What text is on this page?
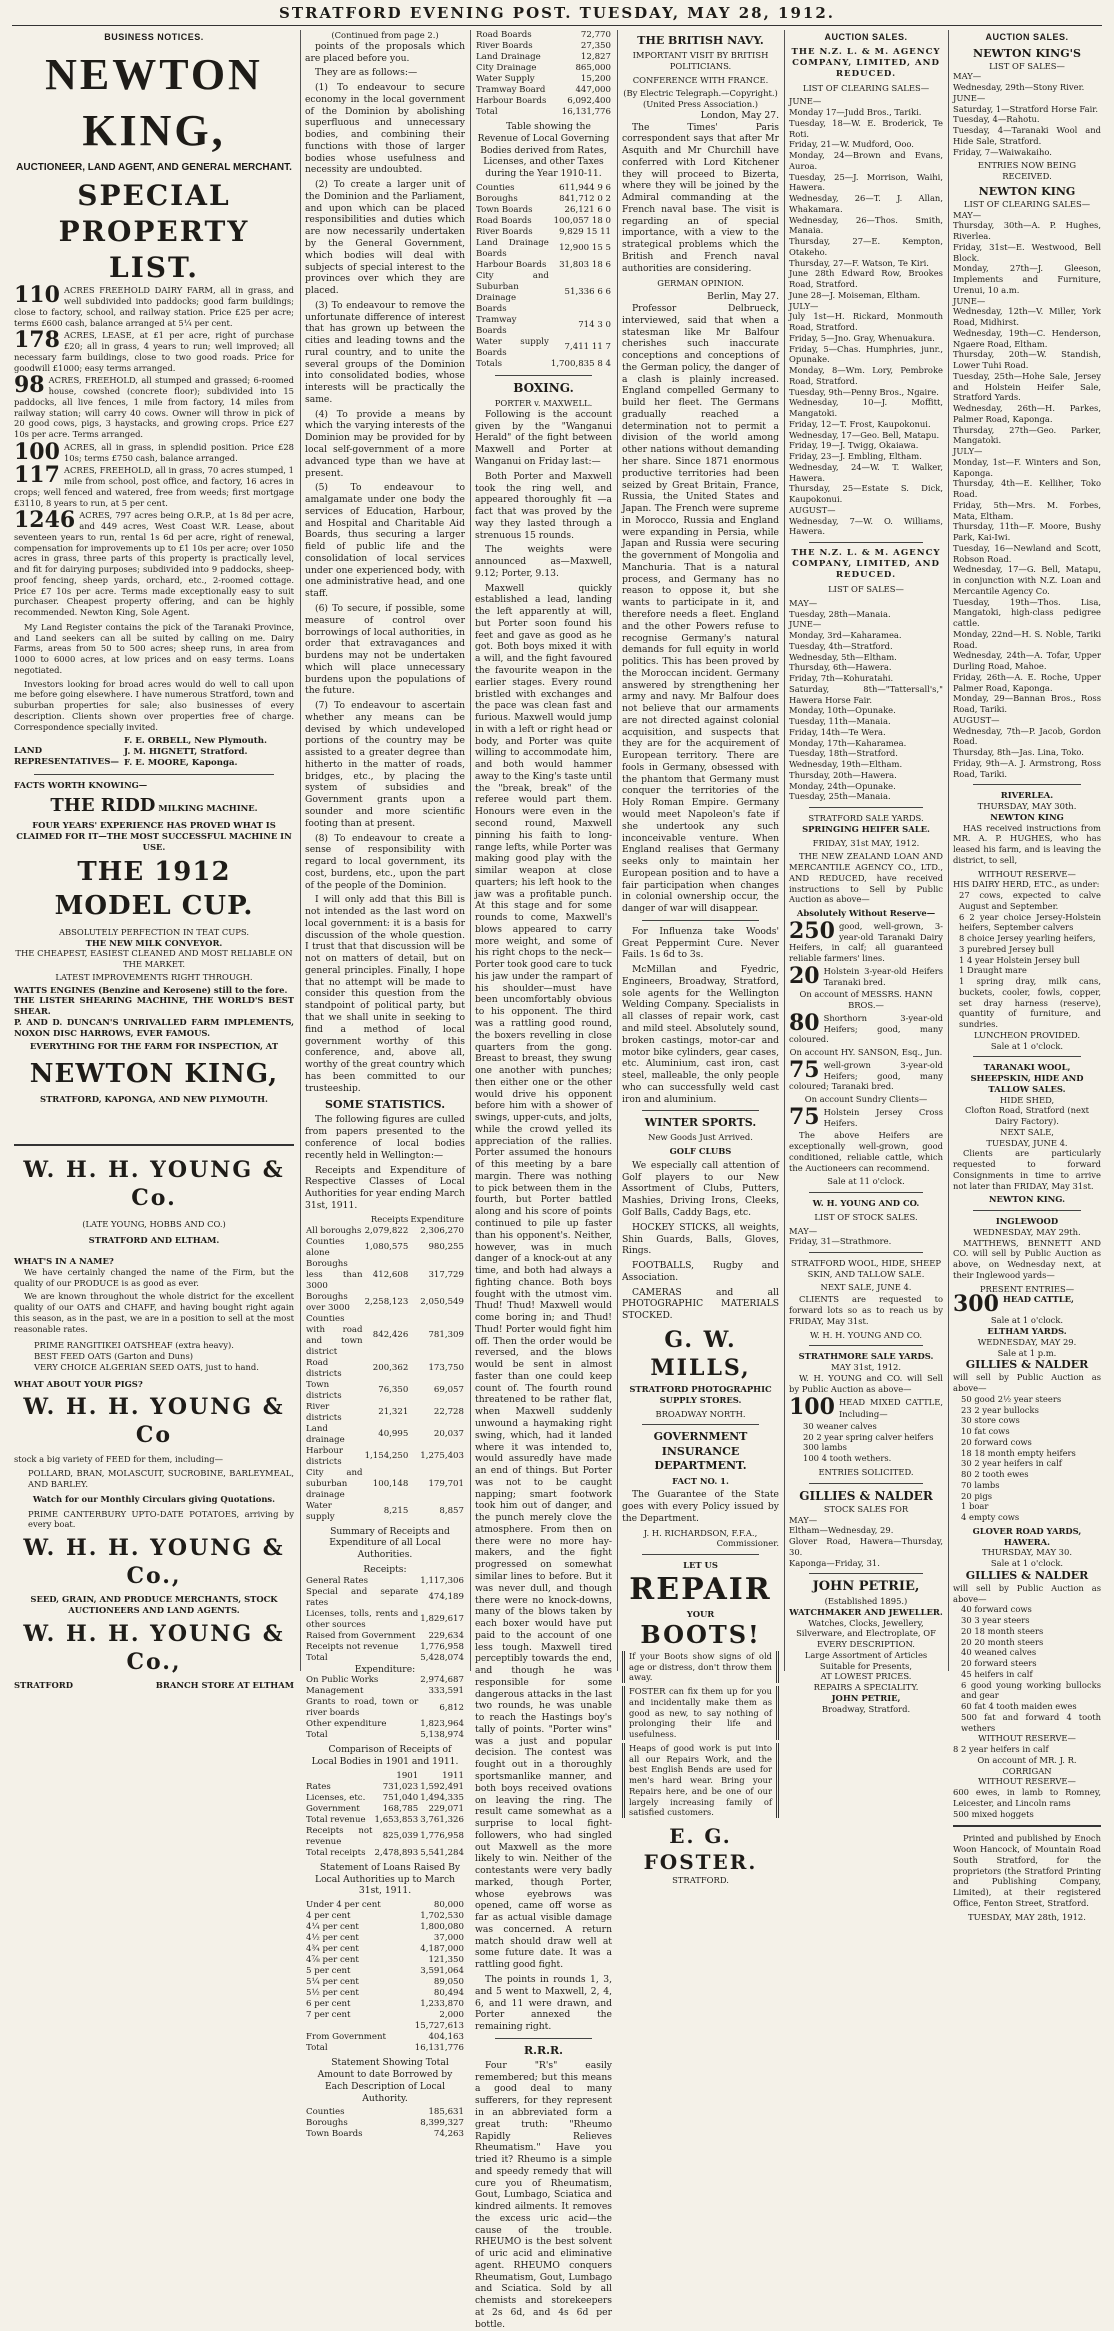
STRATFORD EVENING POST. TUESDAY, MAY 28, 1912.
BUSINESS NOTICES.
NEWTON KING,
AUCTIONEER, LAND AGENT, AND GENERAL MERCHANT.
SPECIAL PROPERTY LIST.
110 ACRES FREEHOLD DAIRY FARM, all in grass, and well subdivided into paddocks; good farm buildings; close to factory, school, and railway station. Price £25 per acre; terms £600 cash, balance arranged at 5¼ per cent.
178 ACRES, LEASE, at £1 per acre, right of purchase £20; all in grass, 4 years to run; well improved; all necessary farm buildings, close to two good roads. Price for goodwill £1000; easy terms arranged.
98 ACRES, FREEHOLD, all stumped and grassed; 6-roomed house, cowshed (concrete floor); subdivided into 15 paddocks, all live fences, 1 mile from factory, 14 miles from railway station; will carry 40 cows. Owner will throw in pick of 20 good cows, pigs, 3 haystacks, and growing crops. Price £27 10s per acre. Terms arranged.
100 ACRES, all in grass, in splendid position. Price £28 10s; terms £750 cash, balance arranged.
117 ACRES, FREEHOLD, all in grass, 70 acres stumped, 1 mile from school, post office, and factory, 16 acres in crops; well fenced and watered, free from weeds; first mortgage £3110, 8 years to run, at 5 per cent.
1246 ACRES, 797 acres being O.R.P., at 1s 8d per acre, and 449 acres, West Coast W.R. Lease, about seventeen years to run, rental 1s 6d per acre, right of renewal, compensation for improvements up to £1 10s per acre; over 1050 acres in grass, three parts of this property is practically level, and fit for dairying purposes; subdivided into 9 paddocks, sheep-proof fencing, sheep yards, orchard, etc., 2-roomed cottage. Price £7 10s per acre. Terms made exceptionally easy to suit purchaser. Cheapest property offering, and can be highly recommended. Newton King, Sole Agent.
My Land Register contains the pick of the Taranaki Province, and Land seekers can all be suited by calling on me. Dairy Farms, areas from 50 to 500 acres; sheep runs, in area from 1000 to 6000 acres, at low prices and on easy terms. Loans negotiated.
Investors looking for broad acres would do well to call upon me before going elsewhere. I have numerous Stratford, town and suburban properties for sale; also businesses of every description. Clients shown over properties free of charge. Correspondence specially invited.
LAND REPRESENTATIVES—
F. E. ORBELL, New Plymouth.
J. M. HIGNETT, Stratford.
F. E. MOORE, Kaponga.
FACTS WORTH KNOWING—
THE RIDD MILKING MACHINE.
FOUR YEARS' EXPERIENCE HAS PROVED WHAT IS CLAIMED FOR IT—THE MOST SUCCESSFUL MACHINE IN USE.
THE 1912 MODEL CUP.
ABSOLUTELY PERFECTION IN TEAT CUPS.
THE NEW MILK CONVEYOR.
THE CHEAPEST, EASIEST CLEANED AND MOST RELIABLE ON THE MARKET.
LATEST IMPROVEMENTS RIGHT THROUGH.
WATTS ENGINES (Benzine and Kerosene) still to the fore.
THE LISTER SHEARING MACHINE, THE WORLD'S BEST SHEAR.
P. AND D. DUNCAN'S UNRIVALLED FARM IMPLEMENTS, NOXON DISC HARROWS, EVER FAMOUS.
EVERYTHING FOR THE FARM FOR INSPECTION, AT
NEWTON KING,
STRATFORD, KAPONGA, AND NEW PLYMOUTH.
W. H. H. YOUNG & Co.
(LATE YOUNG, HOBBS AND CO.)
STRATFORD AND ELTHAM.
WHAT'S IN A NAME?
We have certainly changed the name of the Firm, but the quality of our PRODUCE is as good as ever.
We are known throughout the whole district for the excellent quality of our OATS and CHAFF, and having bought right again this season, as in the past, we are in a position to sell at the most reasonable rates.
PRIME RANGITIKEI OATSHEAF (extra heavy).
BEST FEED OATS (Garton and Duns)
VERY CHOICE ALGERIAN SEED OATS, just to hand.
WHAT ABOUT YOUR PIGS?
W. H. H. YOUNG & Co
stock a big variety of FEED for them, including—
POLLARD, BRAN, MOLASCUIT, SUCROBINE, BARLEYMEAL, AND BARLEY.
Watch for our Monthly Circulars giving Quotations.
PRIME CANTERBURY UPTO-DATE POTATOES, arriving by every boat.
W. H. H. YOUNG & Co.,
SEED, GRAIN, AND PRODUCE MERCHANTS, STOCK AUCTIONEERS AND LAND AGENTS.
W. H. H. YOUNG & Co.,
STRATFORD	BRANCH STORE AT ELTHAM
(Continued from page 2.)
points of the proposals which are placed before you.
They are as follows:—
(1) To endeavour to secure economy in the local government of the Dominion by abolishing superfluous and unnecessary bodies, and combining their functions with those of larger bodies whose usefulness and necessity are undoubted.
(2) To create a larger unit of the Dominion and the Parliament, and upon which can be placed responsibilities and duties which are now necessarily undertaken by the General Government, which bodies will deal with subjects of special interest to the provinces over which they are placed.
(3) To endeavour to remove the unfortunate difference of interest that has grown up between the cities and leading towns and the rural country, and to unite the several groups of the Dominion into consolidated bodies, whose interests will be practically the same.
(4) To provide a means by which the varying interests of the Dominion may be provided for by local self-government of a more advanced type than we have at present.
(5) To endeavour to amalgamate under one body the services of Education, Harbour, and Hospital and Charitable Aid Boards, thus securing a larger field of public life and the consolidation of local services under one experienced body, with one administrative head, and one staff.
(6) To secure, if possible, some measure of control over borrowings of local authorities, in order that extravagances and burdens may not be undertaken which will place unnecessary burdens upon the populations of the future.
(7) To endeavour to ascertain whether any means can be devised by which undeveloped portions of the country may be assisted to a greater degree than hitherto in the matter of roads, bridges, etc., by placing the system of subsidies and Government grants upon a sounder and more scientific footing than at present.
(8) To endeavour to create a sense of responsibility with regard to local government, its cost, burdens, etc., upon the part of the people of the Dominion.
I will only add that this Bill is not intended as the last word on local government: it is a basis for discussion of the whole question. I trust that that discussion will be not on matters of detail, but on general principles. Finally, I hope that no attempt will be made to consider this question from the standpoint of political party, but that we shall unite in seeking to find a method of local government worthy of this conference, and, above all, worthy of the great country which has been committed to our trusteeship.
SOME STATISTICS.
The following figures are culled from papers presented to the conference of local bodies recently held in Wellington:—
Receipts and Expenditure of Respective Classes of Local Authorities for year ending March 31st, 1911.
	Receipts	Expenditure
All boroughs	2,079,822	2,306,270
Counties alone	1,080,575	980,255
Boroughs less than 3000	412,608	317,729
Boroughs over 3000	2,258,123	2,050,549
Counties with road and town district	842,426	781,309
Road districts	200,362	173,750
Town districts	76,350	69,057
River districts	21,321	22,728
Land drainage	40,995	20,037
Harbour districts	1,154,250	1,275,403
City and suburban drainage	100,148	179,701
Water supply	8,215	8,857
Summary of Receipts and Expenditure of all Local Authorities.
Receipts:
General Rates	1,117,306
Special and separate rates	474,189
Licenses, tolls, rents and other sources	1,829,617
Raised from Government	229,634
Receipts not revenue	1,776,958
Total	5,428,074
Expenditure:
On Public Works	2,974,687
Management	333,591
Grants to road, town or river boards	6,812
Other expenditure	1,823,964
Total	5,138,974
Comparison of Receipts of Local Bodies in 1901 and 1911.
	1901	1911
Rates	731,023	1,592,491
Licenses, etc.	751,040	1,494,335
Government	168,785	229,071
Total revenue	1,653,853	3,761,326
Receipts not revenue	825,039	1,776,958
Total receipts	2,478,893	5,541,284
Statement of Loans Raised By Local Authorities up to March 31st, 1911.
Under 4 per cent	80,000
4 per cent	1,702,530
4¼ per cent	1,800,080
4½ per cent	37,000
4¾ per cent	4,187,000
4⅞ per cent	121,350
5 per cent	3,591,064
5¼ per cent	89,050
5½ per cent	80,494
6 per cent	1,233,870
7 per cent	2,000
	15,727,613
From Government	404,163
Total	16,131,776
Statement Showing Total Amount to date Borrowed by Each Description of Local Authority.
Counties	185,631
Boroughs	8,399,327
Town Boards	74,263
Road Boards	72,770
River Boards	27,350
Land Drainage	12,827
City Drainage	865,000
Water Supply	15,200
Tramway Board	447,000
Harbour Boards	6,092,400
Total	16,131,776
Table showing the Revenue of Local Governing Bodies derived from Rates, Licenses, and other Taxes during the Year 1910-11.
Counties	611,944 9 6
Boroughs	841,712 0 2
Town Boards	26,121 6 0
Road Boards	100,057 18 0
River Boards	9,829 15 11
Land Drainage Boards	12,900 15 5
Harbour Boards	31,803 18 6
City and Suburban Drainage Boards	51,336 6 6
Tramway Boards	714 3 0
Water supply Boards	7,411 11 7
Totals	1,700,835 8 4
BOXING.
PORTER v. MAXWELL.
Following is the account given by the "Wanganui Herald" of the fight between Maxwell and Porter at Wanganui on Friday last:—
Both Porter and Maxwell took the ring well, and appeared thoroughly fit —a fact that was proved by the way they lasted through a strenuous 15 rounds.
The weights were announced as—Maxwell, 9.12; Porter, 9.13.
Maxwell quickly established a lead, landing the left apparently at will, but Porter soon found his feet and gave as good as he got. Both boys mixed it with a will, and the fight favoured the favourite weapon in the earlier stages. Every round bristled with exchanges and the pace was clean fast and furious. Maxwell would jump in with a left or right head or body, and Porter was quite willing to accommodate him, and both would hammer away to the King's taste until the "break, break" of the referee would part them. Honours were even in the second round, Maxwell pinning his faith to long-range lefts, while Porter was making good play with the similar weapon at close quarters; his left hook to the jaw was a profitable punch. At this stage and for some rounds to come, Maxwell's blows appeared to carry more weight, and some of his right chops to the neck—Porter took good care to tuck his jaw under the rampart of his shoulder—must have been uncomfortably obvious to his opponent. The third was a rattling good round, the boxers revelling in close quarters from the gong. Breast to breast, they swung one another with punches; then either one or the other would drive his opponent before him with a shower of swings, upper-cuts, and jolts, while the crowd yelled its appreciation of the rallies. Porter assumed the honours of this meeting by a bare margin. There was nothing to pick between them in the fourth, but Porter battled along and his score of points continued to pile up faster than his opponent's. Neither, however, was in much danger of a knock-out at any time, and both had always a fighting chance. Both boys fought with the utmost vim. Thud! Thud! Maxwell would come boring in; and Thud! Thud! Porter would fight him off. Then the order would be reversed, and the blows would be sent in almost faster than one could keep count of. The fourth round threatened to be rather flat, when Maxwell suddenly unwound a haymaking right swing, which, had it landed where it was intended to, would assuredly have made an end of things. But Porter was not to be caught napping; smart footwork took him out of danger, and the punch merely clove the atmosphere. From then on there were no more hay-makers, and the fight progressed on somewhat similar lines to before. But it was never dull, and though there were no knock-downs, many of the blows taken by each boxer would have put paid to the account of one less tough. Maxwell tired perceptibly towards the end, and though he was responsible for some dangerous attacks in the last two rounds, he was unable to reach the Hastings boy's tally of points. "Porter wins" was a just and popular decision. The contest was fought out in a thoroughly sportsmanlike manner, and both boys received ovations on leaving the ring. The result came somewhat as a surprise to local fight-followers, who had singled out Maxwell as the more likely to win. Neither of the contestants were very badly marked, though Porter, whose eyebrows was opened, came off worse as far as actual visible damage was concerned. A return match should draw well at some future date. It was a rattling good fight.
The points in rounds 1, 3, and 5 went to Maxwell, 2, 4, 6, and 11 were drawn, and Porter annexed the remaining right.
R.R.R.
Four "R's" easily remembered; but this means a good deal to many sufferers, for they represent in an abbreviated form a great truth: "Rheumo Rapidly Relieves Rheumatism." Have you tried it? Rheumo is a simple and speedy remedy that will cure you of Rheumatism, Gout, Lumbago, Sciatica and kindred ailments. It removes the excess uric acid—the cause of the trouble. RHEUMO is the best solvent of uric acid and eliminative agent. RHEUMO conquers Rheumatism, Gout, Lumbago and Sciatica. Sold by all chemists and storekeepers at 2s 6d, and 4s 6d per bottle.
THE BRITISH NAVY.
IMPORTANT VISIT BY BRITISH POLITICIANS.
CONFERENCE WITH FRANCE.
(By Electric Telegraph.—Copyright.) (United Press Association.)
London, May 27.
The Times' Paris correspondent says that after Mr Asquith and Mr Churchill have conferred with Lord Kitchener they will proceed to Bizerta, where they will be joined by the Admiral commanding at the French naval base. The visit is regarding an of special importance, with a view to the strategical problems which the British and French naval authorities are considering.
GERMAN OPINION.
Berlin, May 27.
Professor Delbrueck, interviewed, said that when a statesman like Mr Balfour cherishes such inaccurate conceptions and conceptions of the German policy, the danger of a clash is plainly increased. England compelled Germany to build her fleet. The Germans gradually reached a determination not to permit a division of the world among other nations without demanding her share. Since 1871 enormous productive territories had been seized by Great Britain, France, Russia, the United States and Japan. The French were supreme in Morocco, Russia and England were expanding in Persia, while Japan and Russia were securing the government of Mongolia and Manchuria. That is a natural process, and Germany has no reason to oppose it, but she wants to participate in it, and therefore needs a fleet. England and the other Powers refuse to recognise Germany's natural demands for full equity in world politics. This has been proved by the Moroccan incident. Germany answered by strengthening her army and navy. Mr Balfour does not believe that our armaments are not directed against colonial acquisition, and suspects that they are for the acquirement of European territory. There are fools in Germany, obsessed with the phantom that Germany must conquer the territories of the Holy Roman Empire. Germany would meet Napoleon's fate if she undertook any such inconceivable venture. When England realises that Germany seeks only to maintain her European position and to have a fair participation when changes in colonial ownership occur, the danger of war will disappear.
For Influenza take Woods' Great Peppermint Cure. Never Fails. 1s 6d to 3s.
McMillan and Fyedric, Engineers, Broadway, Stratford, sole agents for the Wellington Welding Company. Specialists in all classes of repair work, cast and mild steel. Absolutely sound, broken castings, motor-car and motor bike cylinders, gear cases, etc. Aluminium, cast iron, cast steel, malleable, the only people who can successfully weld cast iron and aluminium.
WINTER SPORTS.
New Goods Just Arrived.
GOLF CLUBS
We especially call attention of Golf players to our New Assortment of Clubs, Putters, Mashies, Driving Irons, Cleeks, Golf Balls, Caddy Bags, etc.
HOCKEY STICKS, all weights, Shin Guards, Balls, Gloves, Rings.
FOOTBALLS, Rugby and Association.
CAMERAS and all PHOTOGRAPHIC MATERIALS STOCKED.
G. W. MILLS,
STRATFORD PHOTOGRAPHIC SUPPLY STORES.
BROADWAY NORTH.
GOVERNMENT INSURANCE
DEPARTMENT.
FACT NO. 1.
The Guarantee of the State goes with every Policy issued by the Department.
J. H. RICHARDSON, F.F.A.,
Commissioner.
LET US
REPAIR
YOUR
BOOTS!
If your Boots show signs of old age or distress, don't throw them away.
FOSTER can fix them up for you and incidentally make them as good as new, to say nothing of prolonging their life and usefulness.
Heaps of good work is put into all our Repairs Work, and the best English Bends are used for men's hard wear. Bring your Repairs here, and be one of our largely increasing family of satisfied customers.
E. G. FOSTER.
STRATFORD.
AUCTION SALES.
THE N.Z. L. & M. AGENCY COMPANY, LIMITED, AND REDUCED.
LIST OF CLEARING SALES—
JUNE—
Monday 17—Judd Bros., Tariki.
Tuesday, 18—W. E. Broderick, Te Roti.
Friday, 21—W. Mudford, Ooo.
Monday, 24—Brown and Evans, Auroa.
Tuesday, 25—J. Morrison, Waihi, Hawera.
Wednesday, 26—T. J. Allan, Whakamara.
Wednesday, 26—Thos. Smith, Manaia.
Thursday, 27—E. Kempton, Otakeho.
Thursday, 27—F. Watson, Te Kiri.
June 28th Edward Row, Brookes Road, Stratford.
June 28—J. Moiseman, Eltham.
JULY—
July 1st—H. Rickard, Monmouth Road, Stratford.
Friday, 5—Jno. Gray, Whenuakura.
Friday, 5—Chas. Humphries, junr., Opunake.
Monday, 8—Wm. Lory, Pembroke Road, Stratford.
Tuesday, 9th—Penny Bros., Ngaire.
Wednesday, 10—J. Moffitt, Mangatoki.
Friday, 12—T. Frost, Kaupokonui.
Wednesday, 17—Geo. Bell, Matapu.
Friday, 19—J. Twigg, Okaiawa.
Friday, 23—J. Embling, Eltham.
Wednesday, 24—W. T. Walker, Hawera.
Thursday, 25—Estate S. Dick, Kaupokonui.
AUGUST—
Wednesday, 7—W. O. Williams, Hawera.
THE N.Z. L. & M. AGENCY COMPANY, LIMITED, AND REDUCED.
LIST OF SALES—
MAY—
Tuesday, 28th—Manaia.
JUNE—
Monday, 3rd—Kaharamea.
Tuesday, 4th—Stratford.
Wednesday, 5th—Eltham.
Thursday, 6th—Hawera.
Friday, 7th—Kohuratahi.
Saturday, 8th—"Tattersall's," Hawera Horse Fair.
Monday, 10th—Opunake.
Tuesday, 11th—Manaia.
Friday, 14th—Te Wera.
Monday, 17th—Kaharamea.
Tuesday, 18th—Stratford.
Wednesday, 19th—Eltham.
Thursday, 20th—Hawera.
Monday, 24th—Opunake.
Tuesday, 25th—Manaia.
STRATFORD SALE YARDS.
SPRINGING HEIFER SALE.
FRIDAY, 31st MAY, 1912.
THE NEW ZEALAND LOAN AND MERCANTILE AGENCY CO., LTD., AND REDUCED, have received instructions to Sell by Public Auction as above—
Absolutely Without Reserve—
250 good, well-grown, 3-year-old Taranaki Dairy Heifers, in calf; all guaranteed reliable farmers' lines.
20 Holstein 3-year-old Heifers Taranaki bred.
On account of MESSRS. HANN BROS.—
80 Shorthorn 3-year-old Heifers; good, many coloured.
On account HY. SANSON, Esq., Jun.
75 well-grown 3-year-old Heifers; good, many coloured; Taranaki bred.
On account Sundry Clients—
75 Holstein Jersey Cross Heifers.
The above Heifers are exceptionally well-grown, good conditioned, reliable cattle, which the Auctioneers can recommend.
Sale at 11 o'clock.
W. H. YOUNG AND CO.
LIST OF STOCK SALES.
MAY—
Friday, 31—Strathmore.
STRATFORD WOOL, HIDE, SHEEP SKIN, AND TALLOW SALE.
NEXT SALE, JUNE 4.
CLIENTS are requested to forward lots so as to reach us by FRIDAY, May 31st.
W. H. H. YOUNG AND CO.
STRATHMORE SALE YARDS.
MAY 31st, 1912.
W. H. YOUNG and CO. will Sell by Public Auction as above—
100 HEAD MIXED CATTLE, Including—
30 weaner calves
20 2 year spring calver heifers
300 lambs
100 4 tooth wethers.
ENTRIES SOLICITED.
GILLIES & NALDER
STOCK SALES FOR
MAY—
Eltham—Wednesday, 29.
Glover Road, Hawera—Thursday, 30.
Kaponga—Friday, 31.
JOHN PETRIE,
(Established 1895.)
WATCHMAKER AND JEWELLER.
Watches, Clocks, Jewellery, Silverware, and Electroplate, OF EVERY DESCRIPTION.
Large Assortment of Articles Suitable for Presents,
AT LOWEST PRICES.
REPAIRS A SPECIALITY.
JOHN PETRIE,
Broadway, Stratford.
AUCTION SALES.
NEWTON KING'S
LIST OF SALES—
MAY—
Wednesday, 29th—Stony River.
JUNE—
Saturday, 1—Stratford Horse Fair.
Tuesday, 4—Rahotu.
Tuesday, 4—Taranaki Wool and Hide Sale, Stratford.
Friday, 7—Waiwakaiho.
ENTRIES NOW BEING RECEIVED.
NEWTON KING
LIST OF CLEARING SALES—
MAY—
Thursday, 30th—A. P. Hughes, Riverlea.
Friday, 31st—E. Westwood, Bell Block.
Monday, 27th—J. Gleeson, Implements and Furniture, Urenui, 10 a.m.
JUNE—
Wednesday, 12th—V. Miller, York Road, Midhirst.
Wednesday, 19th—C. Henderson, Ngaere Road, Eltham.
Thursday, 20th—W. Standish, Lower Tuhi Road.
Tuesday, 25th—Hohe Sale, Jersey and Holstein Heifer Sale, Stratford Yards.
Wednesday, 26th—H. Parkes, Palmer Road, Kaponga.
Thursday, 27th—Geo. Parker, Mangatoki.
JULY—
Monday, 1st—F. Winters and Son, Kaponga.
Thursday, 4th—E. Kelliher, Toko Road.
Friday, 5th—Mrs. M. Forbes, Mata, Eltham.
Thursday, 11th—F. Moore, Bushy Park, Kai-Iwi.
Tuesday, 16—Newland and Scott, Robson Road.
Wednesday, 17—G. Bell, Matapu, in conjunction with N.Z. Loan and Mercantile Agency Co.
Tuesday, 19th—Thos. Lisa, Mangatoki, high-class pedigree cattle.
Monday, 22nd—H. S. Noble, Tariki Road.
Wednesday, 24th—A. Tofar, Upper Durling Road, Mahoe.
Friday, 26th—A. E. Roche, Upper Palmer Road, Kaponga.
Monday, 29—Bannan Bros., Ross Road, Tariki.
AUGUST—
Wednesday, 7th—P. Jacob, Gordon Road.
Thursday, 8th—Jas. Lina, Toko.
Friday, 9th—A. J. Armstrong, Ross Road, Tariki.
RIVERLEA.
THURSDAY, MAY 30th.
NEWTON KING
HAS received instructions from MR. A. P. HUGHES, who has leased his farm, and is leaving the district, to sell,
WITHOUT RESERVE—
HIS DAIRY HERD, ETC., as under:
27 cows, expected to calve August and September.
6 2 year choice Jersey-Holstein heifers, September calvers
8 choice Jersey yearling heifers,
3 purebred Jersey bull
1 4 year Holstein Jersey bull
1 Draught mare
1 spring dray, milk cans, buckets, cooler, fowls, copper, set dray harness (reserve), quantity of furniture, and sundries.
LUNCHEON PROVIDED.
Sale at 1 o'clock.
TARANAKI WOOL, SHEEPSKIN, HIDE AND TALLOW SALES.
HIDE SHED,
Clofton Road, Stratford (next Dairy Factory).
NEXT SALE,
TUESDAY, JUNE 4.
Clients are particularly requested to forward Consignments in time to arrive not later than FRIDAY, May 31st.
NEWTON KING.
INGLEWOOD
WEDNESDAY, MAY 29th.
MATTHEWS, BENNETT AND CO. will sell by Public Auction as above, on Wednesday next, at their Inglewood yards—
PRESENT ENTRIES—
300 HEAD CATTLE,
Sale at 1 o'clock.
ELTHAM YARDS.
WEDNESDAY, MAY 29.
Sale at 1 p.m.
GILLIES & NALDER
will sell by Public Auction as above—
50 good 2½ year steers
23 2 year bullocks
30 store cows
10 fat cows
20 forward cows
18 18 month empty heifers
30 2 year heifers in calf
80 2 tooth ewes
70 lambs
20 pigs
1 boar
4 empty cows
GLOVER ROAD YARDS, HAWERA.
THURSDAY, MAY 30.
Sale at 1 o'clock.
GILLIES & NALDER
will sell by Public Auction as above—
40 forward cows
30 3 year steers
20 18 month steers
20 20 month steers
40 weaned calves
20 forward steers
45 heifers in calf
6 good young working bullocks and gear
60 fat 4 tooth maiden ewes
500 fat and forward 4 tooth wethers
WITHOUT RESERVE—
8 2 year heifers in calf
On account of MR. J. R. CORRIGAN
WITHOUT RESERVE—
600 ewes, in lamb to Romney, Leicester, and Lincoln rams
500 mixed hoggets
Printed and published by Enoch Woon Hancock, of Mountain Road South Stratford, for the proprietors (the Stratford Printing and Publishing Company, Limited), at their registered Office, Fenton Street, Stratford.
TUESDAY, MAY 28th, 1912.
